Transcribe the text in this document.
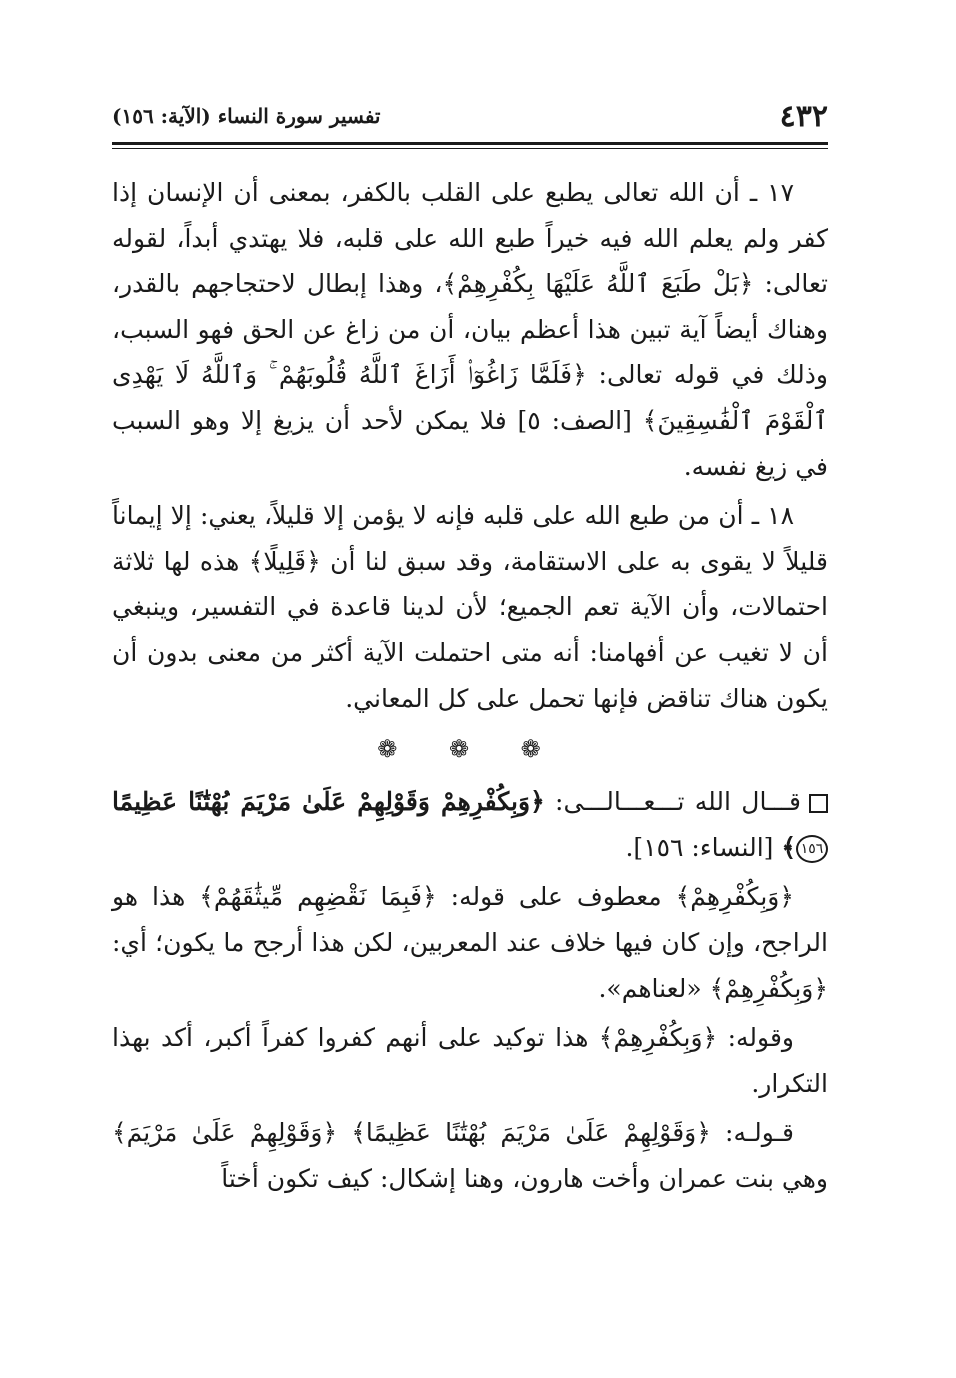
٤٣٢
تفسير سورة النساء (الآية: ١٥٦)

١٧ ـ أن الله تعالى يطبع على القلب بالكفر، بمعنى أن الإنسان إذا كفر ولم يعلم الله فيه خيراً طبع الله على قلبه، فلا يهتدي أبداً، لقوله تعالى: ﴿بَلْ طَبَعَ ٱللَّهُ عَلَيْهَا بِكُفْرِهِمْ﴾، وهذا إبطال لاحتجاجهم بالقدر، وهناك أيضاً آية تبين هذا أعظم بيان، أن من زاغ عن الحق فهو السبب، وذلك في قوله تعالى: ﴿فَلَمَّا زَاغُوٓا۟ أَزَاغَ ٱللَّهُ قُلُوبَهُمْ ۚ وَٱللَّهُ لَا يَهْدِى ٱلْقَوْمَ ٱلْفَٰسِقِينَ﴾ [الصف: ٥] فلا يمكن لأحد أن يزيغ إلا وهو السبب في زيغ نفسه.

١٨ ـ أن من طبع الله على قلبه فإنه لا يؤمن إلا قليلاً، يعني: إلا إيماناً قليلاً لا يقوى به على الاستقامة، وقد سبق لنا أن ﴿قَلِيلًا﴾ هذه لها ثلاثة احتمالات، وأن الآية تعم الجميع؛ لأن لدينا قاعدة في التفسير، وينبغي أن لا تغيب عن أفهامنا: أنه متى احتملت الآية أكثر من معنى بدون أن يكون هناك تناقض فإنها تحمل على كل المعاني.

❁ ❁ ❁

قـــال الله تـــعـــالـــى: ﴿وَبِكُفْرِهِمْ وَقَوْلِهِمْ عَلَىٰ مَرْيَمَ بُهْتَٰنًا عَظِيمًا ١٥٦﴾ [النساء: ١٥٦].

﴿وَبِكُفْرِهِمْ﴾ معطوف على قوله: ﴿فَبِمَا نَقْضِهِم مِّيثَٰقَهُمْ﴾ هذا هو الراجح، وإن كان فيها خلاف عند المعربين، لكن هذا أرجح ما يكون؛ أي: ﴿وَبِكُفْرِهِمْ﴾ «لعناهم».

وقوله: ﴿وَبِكُفْرِهِمْ﴾ هذا توكيد على أنهم كفروا كفراً أكبر، أكد بهذا التكرار.

قـولـه: ﴿وَقَوْلِهِمْ عَلَىٰ مَرْيَمَ بُهْتَٰنًا عَظِيمًا﴾ ﴿وَقَوْلِهِمْ عَلَىٰ مَرْيَمَ﴾ وهي بنت عمران وأخت هارون، وهنا إشكال: كيف تكون أختاً
